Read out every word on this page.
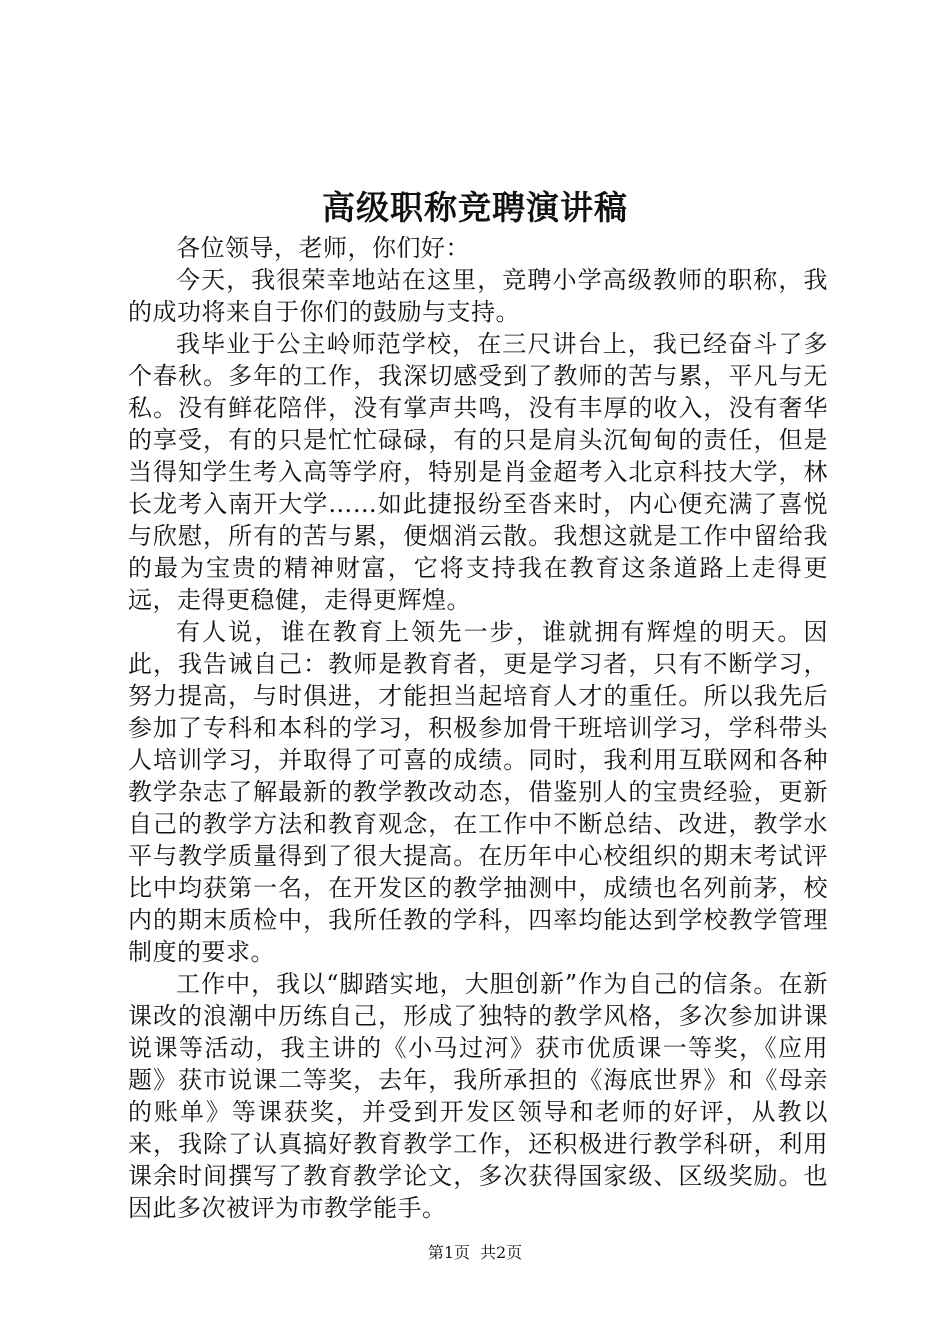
高级职称竞聘演讲稿

各位领导，老师，你们好：

今天，我很荣幸地站在这里，竞聘小学高级教师的职称，我的成功将来自于你们的鼓励与支持。

我毕业于公主岭师范学校，在三尺讲台上，我已经奋斗了多个春秋。多年的工作，我深切感受到了教师的苦与累，平凡与无私。没有鲜花陪伴，没有掌声共鸣，没有丰厚的收入，没有奢华的享受，有的只是忙忙碌碌，有的只是肩头沉甸甸的责任，但是当得知学生考入高等学府，特别是肖金超考入北京科技大学，林长龙考入南开大学……如此捷报纷至沓来时，内心便充满了喜悦与欣慰，所有的苦与累，便烟消云散。我想这就是工作中留给我的最为宝贵的精神财富，它将支持我在教育这条道路上走得更远，走得更稳健，走得更辉煌。

有人说，谁在教育上领先一步，谁就拥有辉煌的明天。因此，我告诫自己：教师是教育者，更是学习者，只有不断学习，努力提高，与时俱进，才能担当起培育人才的重任。所以我先后参加了专科和本科的学习，积极参加骨干班培训学习，学科带头人培训学习，并取得了可喜的成绩。同时，我利用互联网和各种教学杂志了解最新的教学教改动态，借鉴别人的宝贵经验，更新自己的教学方法和教育观念，在工作中不断总结、改进，教学水平与教学质量得到了很大提高。在历年中心校组织的期末考试评比中均获第一名，在开发区的教学抽测中，成绩也名列前茅，校内的期末质检中，我所任教的学科，四率均能达到学校教学管理制度的要求。

工作中，我以“脚踏实地，大胆创新”作为自己的信条。在新课改的浪潮中历练自己，形成了独特的教学风格，多次参加讲课说课等活动，我主讲的《小马过河》获市优质课一等奖，《应用题》获市说课二等奖，去年，我所承担的《海底世界》和《母亲的账单》等课获奖，并受到开发区领导和老师的好评，从教以来，我除了认真搞好教育教学工作，还积极进行教学科研，利用课余时间撰写了教育教学论文，多次获得国家级、区级奖励。也因此多次被评为市教学能手。

第1页 共2页
